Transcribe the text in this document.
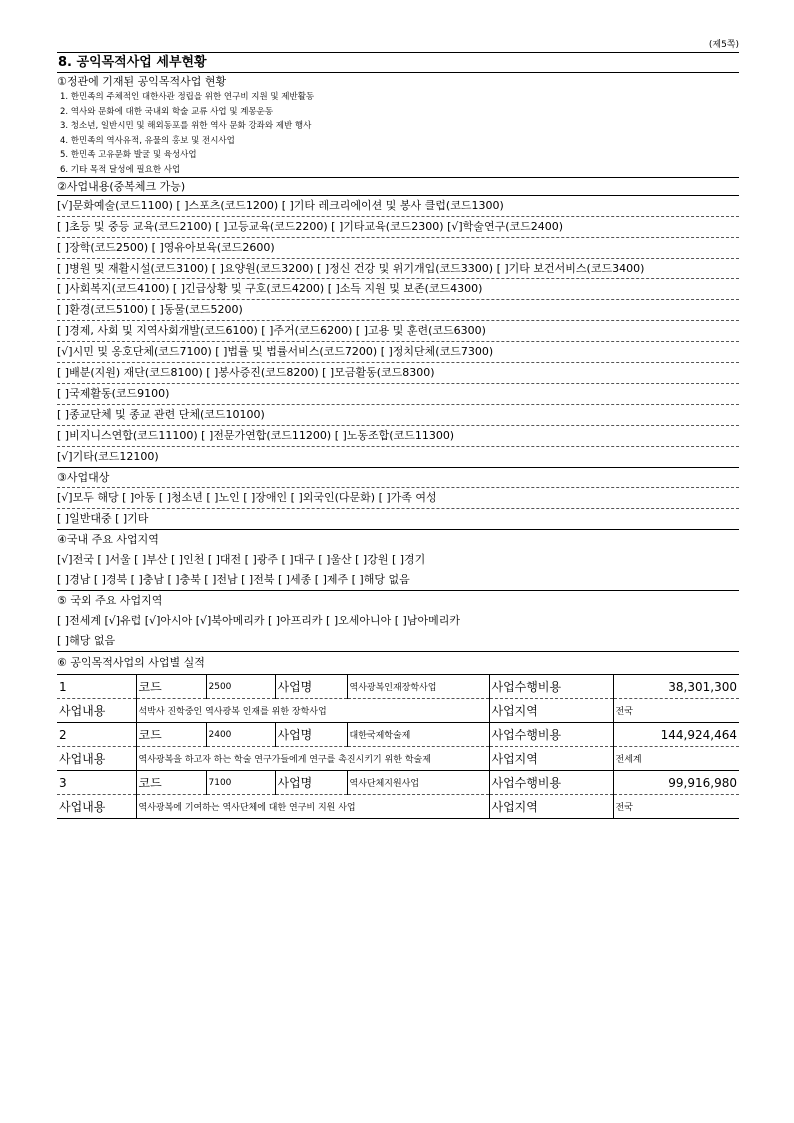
(제5쪽)
8. 공익목적사업 세부현황
①정관에 기재된 공익목적사업 현황
1. 한민족의 주체적인 대한사관 정립을 위한 연구비 지원 및 제반활동
2. 역사와 문화에 대한 국내외 학술 교류 사업 및 계몽운동
3. 청소년, 일반시민 및 해외동포를 위한 역사 문화 강좌와 제반 행사
4. 한민족의 역사유적, 유물의 홍보 및 전시사업
5. 한민족 고유문화 발굴 및 육성사업
6. 기타 목적 달성에 필요한 사업
②사업내용(중복체크 가능)
[√]문화예술(코드1100) [ ]스포츠(코드1200) [ ]기타 레크리에이션 및 봉사 클럽(코드1300)
[ ]초등 및 중등 교육(코드2100) [ ]고등교육(코드2200) [ ]기타교육(코드2300) [√]학술연구(코드2400)
[ ]장학(코드2500) [ ]영유아보육(코드2600)
[ ]병원 및 재활시설(코드3100) [ ]요양원(코드3200) [ ]정신 건강 및 위기개입(코드3300) [ ]기타 보건서비스(코드3400)
[ ]사회복지(코드4100) [ ]긴급상황 및 구호(코드4200) [ ]소득 지원 및 보존(코드4300)
[ ]환경(코드5100) [ ]동물(코드5200)
[ ]경제, 사회 및 지역사회개발(코드6100) [ ]주거(코드6200) [ ]고용 및 훈련(코드6300)
[√]시민 및 옹호단체(코드7100) [ ]법률 및 법률서비스(코드7200) [ ]정치단체(코드7300)
[ ]배분(지원) 재단(코드8100) [ ]봉사증진(코드8200) [ ]모금활동(코드8300)
[ ]국제활동(코드9100)
[ ]종교단체 및 종교 관련 단체(코드10100)
[ ]비지니스연합(코드11100) [ ]전문가연합(코드11200) [ ]노동조합(코드11300)
[√]기타(코드12100)
③사업대상
[√]모두 해당 [ ]아동 [ ]청소년 [ ]노인 [ ]장애인 [ ]외국인(다문화) [ ]가족 여성
[ ]일반대중 [ ]기타
④국내 주요 사업지역
[√]전국 [ ]서울 [ ]부산 [ ]인천 [ ]대전 [ ]광주 [ ]대구 [ ]울산 [ ]강원 [ ]경기
[ ]경남 [ ]경북 [ ]충남 [ ]충북 [ ]전남 [ ]전북 [ ]세종 [ ]제주 [ ]해당 없음
⑤ 국외 주요 사업지역
[ ]전세계 [√]유럽 [√]아시아 [√]북아메리카 [ ]아프리카 [ ]오세아니아 [ ]남아메리카
[ ]해당 없음
⑥ 공익목적사업의 사업별 실적
1	코드	2500	사업명	역사광복인재장학사업	사업수행비용	38,301,300
사업내용	석박사 진학중인 역사광복 인재를 위한 장학사업				사업지역	전국
2	코드	2400	사업명	대한국제학술제	사업수행비용	144,924,464
사업내용	역사광복을 하고자 하는 학술 연구가들에게 연구를 촉진시키기 위한 학술제				사업지역	전세계
3	코드	7100	사업명	역사단체지원사업	사업수행비용	99,916,980
사업내용	역사광복에 기여하는 역사단체에 대한 연구비 지원 사업				사업지역	전국
